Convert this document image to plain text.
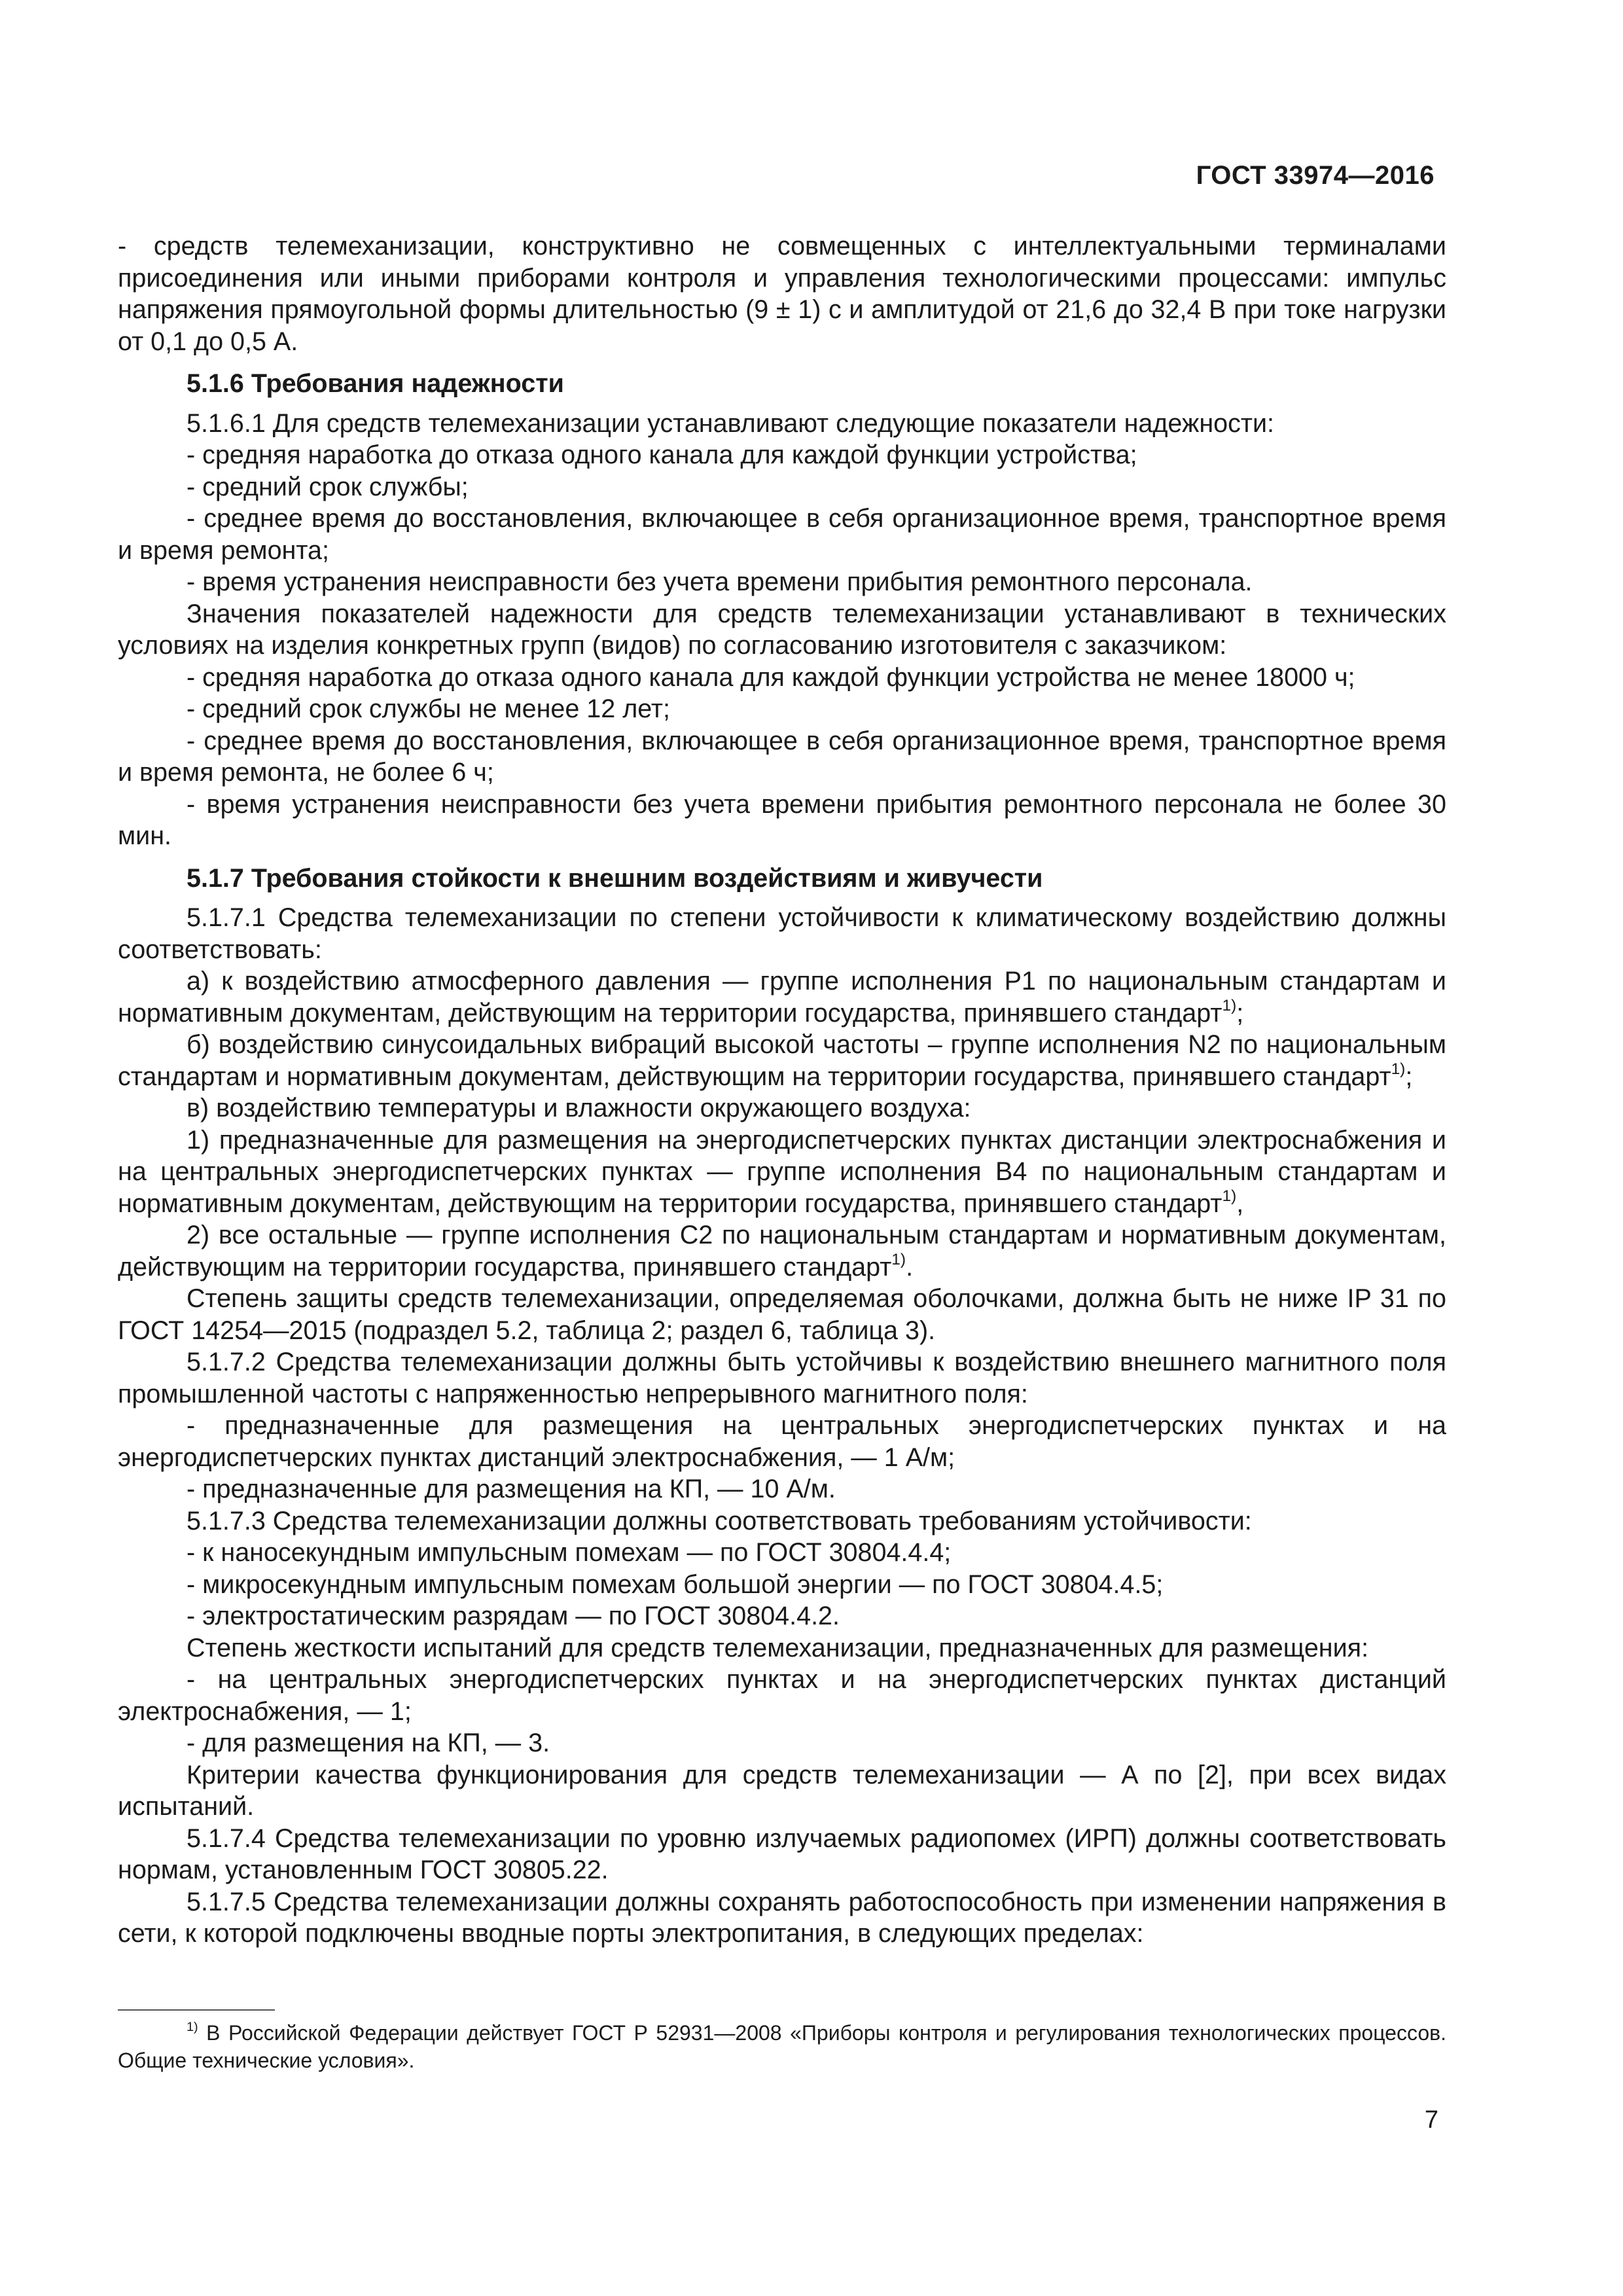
ГОСТ 33974—2016

- средств телемеханизации, конструктивно не совмещенных с интеллектуальными терминалами присоединения или иными приборами контроля и управления технологическими процессами: импульс напряжения прямоугольной формы длительностью (9 ± 1) с и амплитудой от 21,6 до 32,4 В при токе нагрузки от 0,1 до 0,5 А.

5.1.6 Требования надежности

5.1.6.1 Для средств телемеханизации устанавливают следующие показатели надежности:

- средняя наработка до отказа одного канала для каждой функции устройства;

- средний срок службы;

- среднее время до восстановления, включающее в себя организационное время, транспортное время и время ремонта;

- время устранения неисправности без учета времени прибытия ремонтного персонала.

Значения показателей надежности для средств телемеханизации устанавливают в технических условиях на изделия конкретных групп (видов) по согласованию изготовителя с заказчиком:

- средняя наработка до отказа одного канала для каждой функции устройства не менее 18000 ч;

- средний срок службы не менее 12 лет;

- среднее время до восстановления, включающее в себя организационное время, транспортное время и время ремонта, не более 6 ч;

- время устранения неисправности без учета времени прибытия ремонтного персонала не более 30 мин.

5.1.7 Требования стойкости к внешним воздействиям и живучести

5.1.7.1 Средства телемеханизации по степени устойчивости к климатическому воздействию должны соответствовать:

а) к воздействию атмосферного давления — группе исполнения Р1 по национальным стандартам и нормативным документам, действующим на территории государства, принявшего стандарт$^{1)}$;

б) воздействию синусоидальных вибраций высокой частоты – группе исполнения N2 по национальным стандартам и нормативным документам, действующим на территории государства, принявшего стандарт$^{1)}$;

в) воздействию температуры и влажности окружающего воздуха:

1) предназначенные для размещения на энергодиспетчерских пунктах дистанции электроснабжения и на центральных энергодиспетчерских пунктах — группе исполнения В4 по национальным стандартам и нормативным документам, действующим на территории государства, принявшего стандарт$^{1)}$,

2) все остальные — группе исполнения С2 по национальным стандартам и нормативным документам, действующим на территории государства, принявшего стандарт$^{1)}$.

Степень защиты средств телемеханизации, определяемая оболочками, должна быть не ниже IP 31 по ГОСТ 14254—2015 (подраздел 5.2, таблица 2; раздел 6, таблица 3).

5.1.7.2 Средства телемеханизации должны быть устойчивы к воздействию внешнего магнитного поля промышленной частоты с напряженностью непрерывного магнитного поля:

- предназначенные для размещения на центральных энергодиспетчерских пунктах и на энергодиспетчерских пунктах дистанций электроснабжения, — 1 А/м;

- предназначенные для размещения на КП, — 10 А/м.

5.1.7.3 Средства телемеханизации должны соответствовать требованиям устойчивости:

- к наносекундным импульсным помехам — по ГОСТ 30804.4.4;

- микросекундным импульсным помехам большой энергии — по ГОСТ 30804.4.5;

- электростатическим разрядам — по ГОСТ 30804.4.2.

Степень жесткости испытаний для средств телемеханизации, предназначенных для размещения:

- на центральных энергодиспетчерских пунктах и на энергодиспетчерских пунктах дистанций электроснабжения, — 1;

- для размещения на КП, — 3.

Критерии качества функционирования для средств телемеханизации — А по [2], при всех видах испытаний.

5.1.7.4 Средства телемеханизации по уровню излучаемых радиопомех (ИРП) должны соответствовать нормам, установленным ГОСТ 30805.22.

5.1.7.5 Средства телемеханизации должны сохранять работоспособность при изменении напряжения в сети, к которой подключены вводные порты электропитания, в следующих пределах:

$^{1)}$ В Российской Федерации действует ГОСТ Р 52931—2008 «Приборы контроля и регулирования технологических процессов. Общие технические условия».

7
